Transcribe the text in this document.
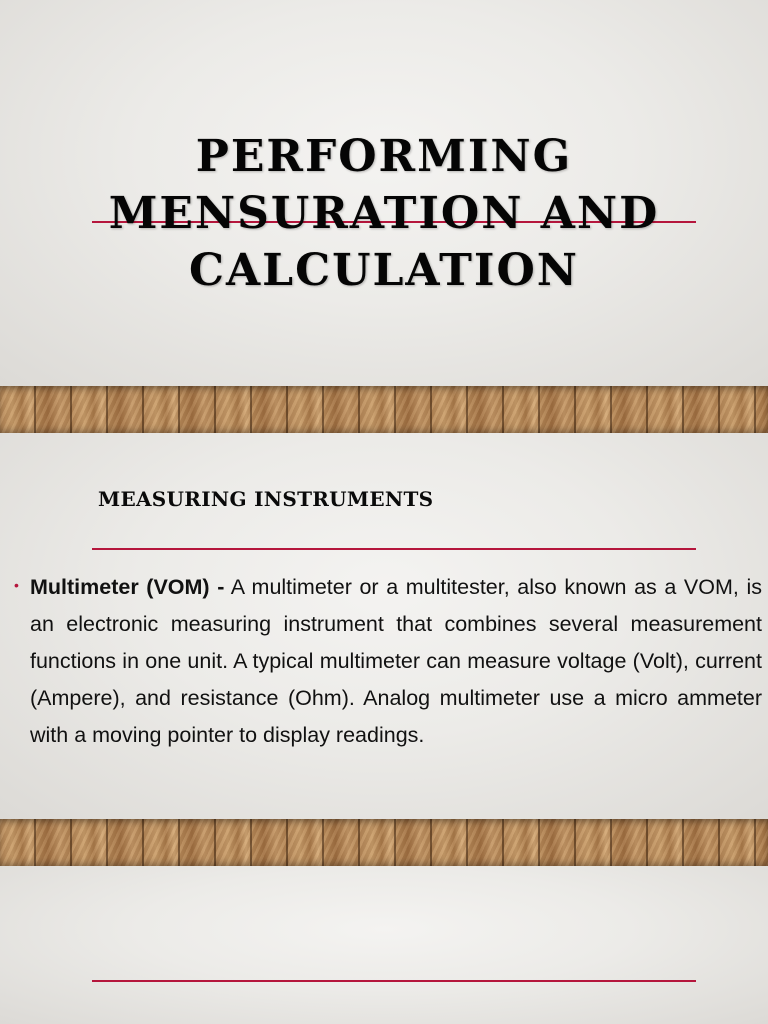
PERFORMING
MENSURATION AND
CALCULATION
MEASURING INSTRUMENTS
• Multimeter (VOM) - A multimeter or a multitester, also known as a VOM, is an electronic measuring instrument that combines several measurement functions in one unit. A typical multimeter can measure voltage (Volt), current (Ampere), and resistance (Ohm). Analog multimeter use a micro ammeter with a moving pointer to display readings.
